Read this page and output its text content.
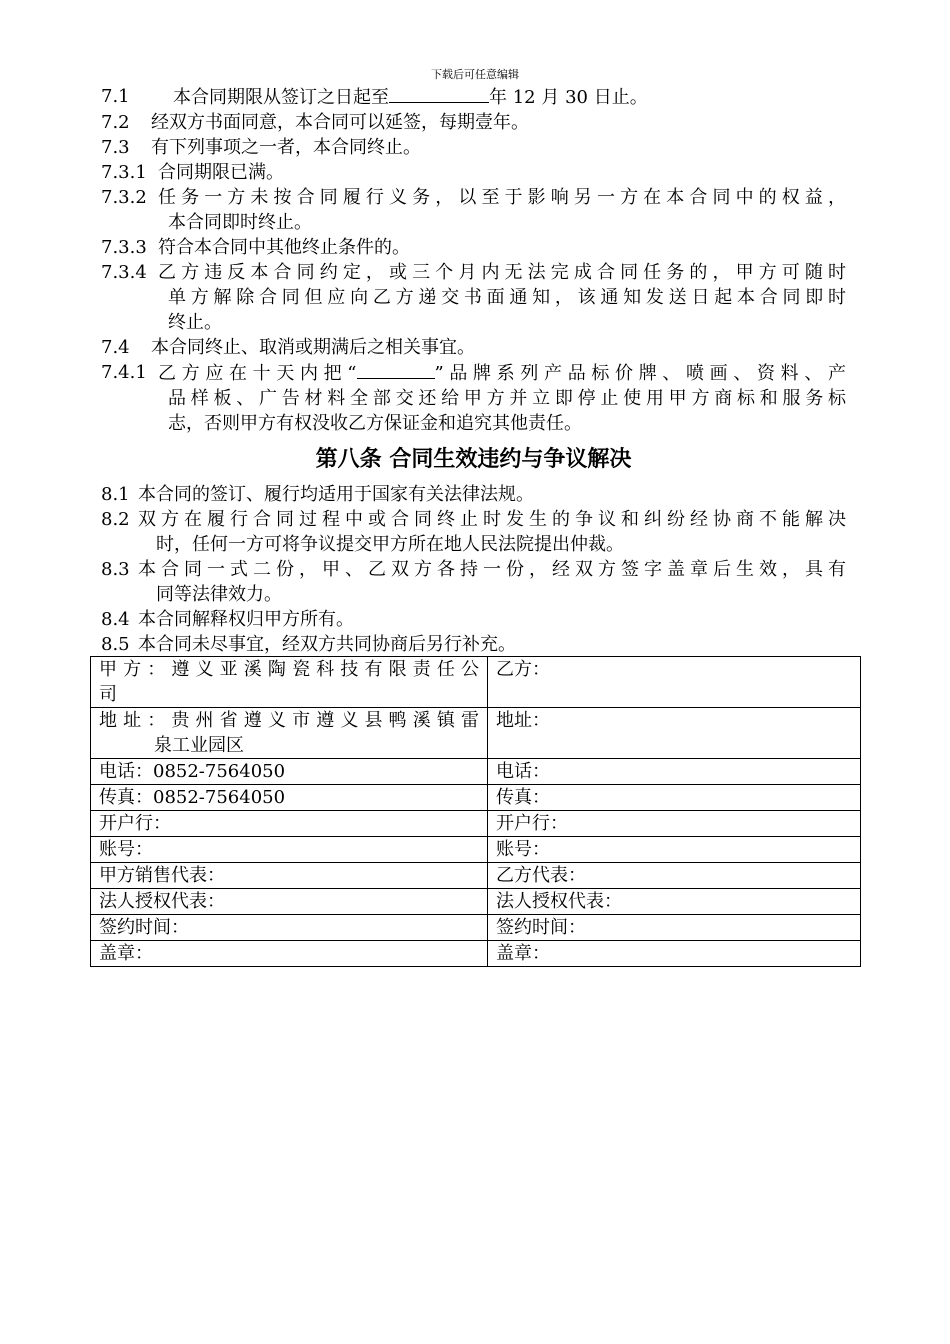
下载后可任意编辑
7.1	本合同期限从签订之日起至	年 12 月 30 日止。
7.2	经双方书面同意，本合同可以延签，每期壹年。
7.3	有下列事项之一者，本合同终止。
7.3.1 合同期限已满。
7.3.2 任务一方未按合同履行义务，以至于影响另一方在本合同中的权益，
本合同即时终止。
7.3.3 符合本合同中其他终止条件的。
7.3.4 乙方违反本合同约定，或三个月内无法完成合同任务的，甲方可随时
单方解除合同但应向乙方递交书面通知，该通知发送日起本合同即时
终止。
7.4	本合同终止、取消或期满后之相关事宜。
7.4.1 乙方应在十天内把“	”品牌系列产品标价牌、喷画、资料、产
品样板、广告材料全部交还给甲方并立即停止使用甲方商标和服务标
志，否则甲方有权没收乙方保证金和追究其他责任。
第八条 合同生效违约与争议解决
8.1 本合同的签订、履行均适用于国家有关法律法规。
8.2 双方在履行合同过程中或合同终止时发生的争议和纠纷经协商不能解决
时，任何一方可将争议提交甲方所在地人民法院提出仲裁。
8.3 本合同一式二份，甲、乙双方各持一份，经双方签字盖章后生效，具有
同等法律效力。
8.4 本合同解释权归甲方所有。
8.5 本合同未尽事宜，经双方共同协商后另行补充。
甲方：遵义亚溪陶瓷科技有限责任公
司	乙方：

地址：贵州省遵义市遵义县鸭溪镇雷
泉工业园区	地址：
电话：0852-7564050	电话：
传真：0852-7564050	传真：
开户行：	开户行：
账号：	账号：
甲方销售代表：	乙方代表：
法人授权代表：	法人授权代表：
签约时间：	签约时间：
盖章：	盖章：
